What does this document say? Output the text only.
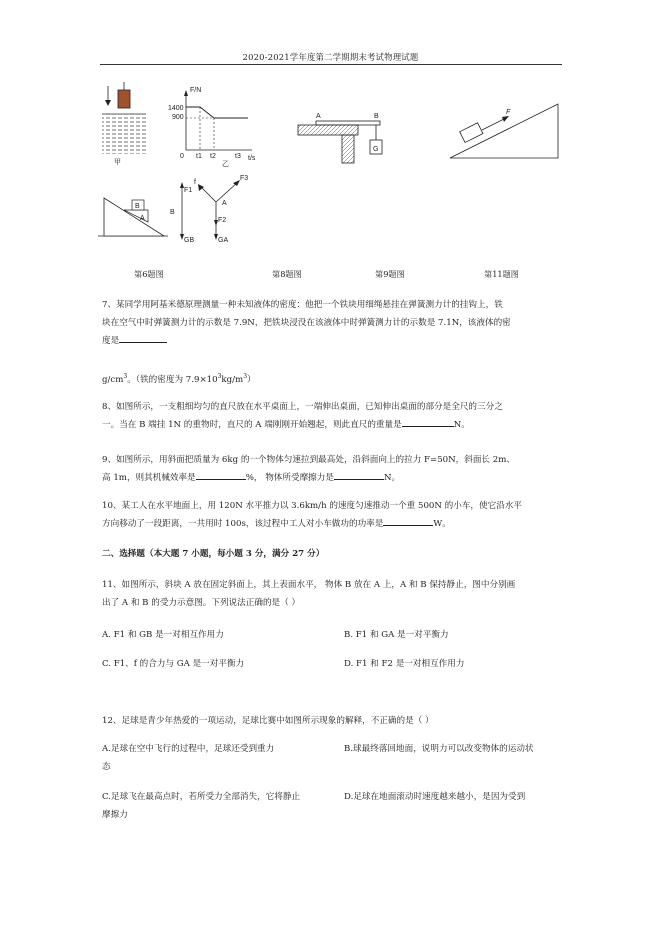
2020-2021学年度第二学期期末考试物理试题
甲
F/N
1400
900
0 t1 t2	t3 t/s
乙
B
A
F1
B
GB
f
F3
F2
GA
A
A	B
G
F
第6题图	第8题图	第9题图	第11题图
7、某同学用阿基米德原理测量一种未知液体的密度：他把一个铁块用细绳悬挂在弹簧测力计的挂钩上，铁
块在空气中时弹簧测力计的示数是 7.9N，把铁块浸没在该液体中时弹簧测力计的示数是 7.1N，该液体的密
度是
$g/cm^3$。（铁的密度为 $7.9\times 10^3kg/m^3$）
8、如图所示，一支粗细均匀的直尺放在水平桌面上，一端伸出桌面，已知伸出桌面的部分是全尺的三分之
一。当在 B 端挂 1N 的重物时，直尺的 A 端刚刚开始翘起，则此直尺的重量是	N。
9、如图所示，用斜面把质量为 6kg 的一个物体匀速拉到最高处，沿斜面向上的拉力 F=50N，斜面长 2m、
高 1m，则其机械效率是	%， 物体所受摩擦力是	N。
10、某工人在水平地面上，用 120N 水平推力以 3.6km/h 的速度匀速推动一个重 500N 的小车，使它沿水平
方向移动了一段距离，一共用时 100s，该过程中工人对小车做功的功率是	W。
二、选择题（本大题 7 小题，每小题 3 分，满分 27 分）
11、如图所示，斜块 A 放在固定斜面上，其上表面水平， 物体 B 放在 A 上，A 和 B 保持静止，图中分别画
出了 A 和 B 的受力示意图。下列说法正确的是（ ）
A. F1 和 GB 是一对相互作用力	B. F1 和 GA 是一对平衡力
C. F1、f 的合力与 GA 是一对平衡力	D. F1 和 F2 是一对相互作用力
12、足球是青少年热爱的一项运动，足球比赛中如图所示现象的解释，不正确的是（ ）
A.足球在空中飞行的过程中，足球还受到重力	B.球最终落回地面，说明力可以改变物体的运动状
态
C.足球飞在最高点时，若所受力全部消失，它将静止	D.足球在地面滚动时速度越来越小，是因为受到
摩擦力
